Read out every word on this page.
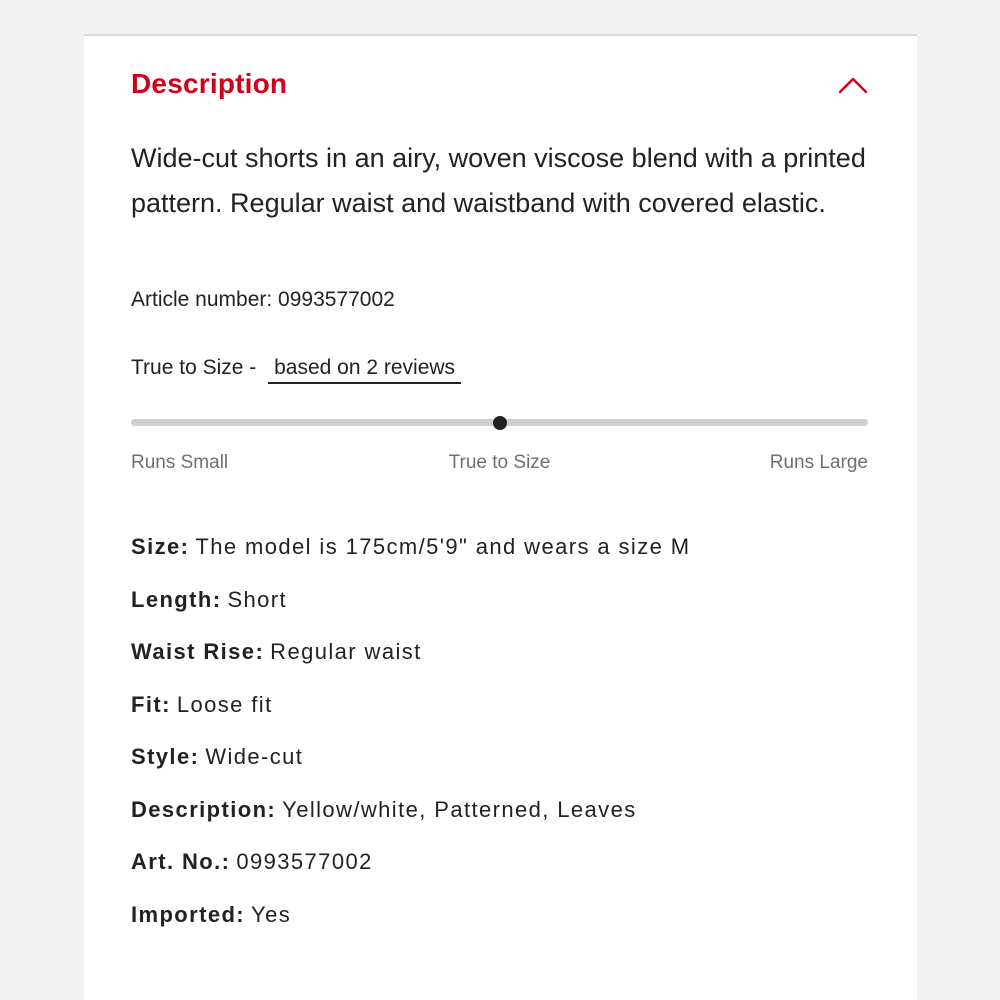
Description
Wide-cut shorts in an airy, woven viscose blend with a printed pattern. Regular waist and waistband with covered elastic.
Article number: 0993577002
True to Size - based on 2 reviews
Runs Small	True to Size	Runs Large
Size: The model is 175cm/5'9" and wears a size M
Length: Short
Waist Rise: Regular waist
Fit: Loose fit
Style: Wide-cut
Description: Yellow/white, Patterned, Leaves
Art. No.: 0993577002
Imported: Yes
